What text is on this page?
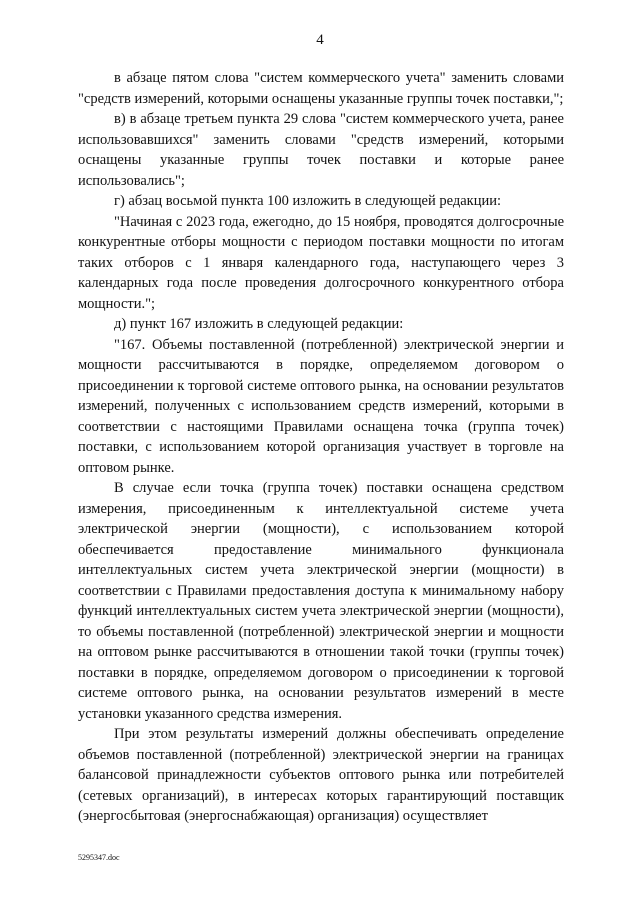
4

в абзаце пятом слова "систем коммерческого учета" заменить словами "средств измерений, которыми оснащены указанные группы точек поставки,";

в) в абзаце третьем пункта 29 слова "систем коммерческого учета, ранее использовавшихся" заменить словами "средств измерений, которыми оснащены указанные группы точек поставки и которые ранее использовались";

г) абзац восьмой пункта 100 изложить в следующей редакции:

"Начиная с 2023 года, ежегодно, до 15 ноября, проводятся долгосрочные конкурентные отборы мощности с периодом поставки мощности по итогам таких отборов с 1 января календарного года, наступающего через 3 календарных года после проведения долгосрочного конкурентного отбора мощности.";

д) пункт 167 изложить в следующей редакции:

"167. Объемы поставленной (потребленной) электрической энергии и мощности рассчитываются в порядке, определяемом договором о присоединении к торговой системе оптового рынка, на основании результатов измерений, полученных с использованием средств измерений, которыми в соответствии с настоящими Правилами оснащена точка (группа точек) поставки, с использованием которой организация участвует в торговле на оптовом рынке.

В случае если точка (группа точек) поставки оснащена средством измерения, присоединенным к интеллектуальной системе учета электрической энергии (мощности), с использованием которой обеспечивается предоставление минимального функционала интеллектуальных систем учета электрической энергии (мощности) в соответствии с Правилами предоставления доступа к минимальному набору функций интеллектуальных систем учета электрической энергии (мощности), то объемы поставленной (потребленной) электрической энергии и мощности на оптовом рынке рассчитываются в отношении такой точки (группы точек) поставки в порядке, определяемом договором о присоединении к торговой системе оптового рынка, на основании результатов измерений в месте установки указанного средства измерения.

При этом результаты измерений должны обеспечивать определение объемов поставленной (потребленной) электрической энергии на границах балансовой принадлежности субъектов оптового рынка или потребителей (сетевых организаций), в интересах которых гарантирующий поставщик (энергосбытовая (энергоснабжающая) организация) осуществляет

5295347.doc
